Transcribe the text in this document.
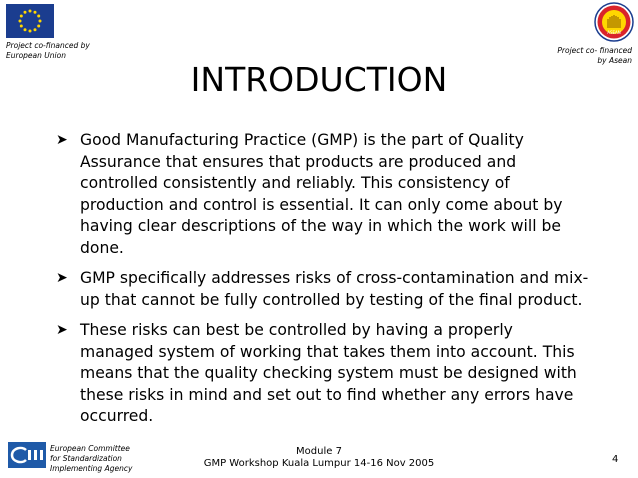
Project co-financed by
European Union
ASEAN
Project co- financed
by Asean
INTRODUCTION
➤ Good Manufacturing Practice (GMP) is the part of Quality
Assurance that ensures that products are produced and
controlled consistently and reliably. This consistency of
production and control is essential. It can only come about by
having clear descriptions of the way in which the work will be
done.
➤ GMP specifically addresses risks of cross-contamination and mix-
up that cannot be fully controlled by testing of the final product.
➤ These risks can best be controlled by having a properly
managed system of working that takes them into account. This
means that the quality checking system must be designed with
these risks in mind and set out to find whether any errors have
occurred.
European Committee
for Standardization
Implementing Agency
Module 7
GMP Workshop Kuala Lumpur 14-16 Nov 2005	4
